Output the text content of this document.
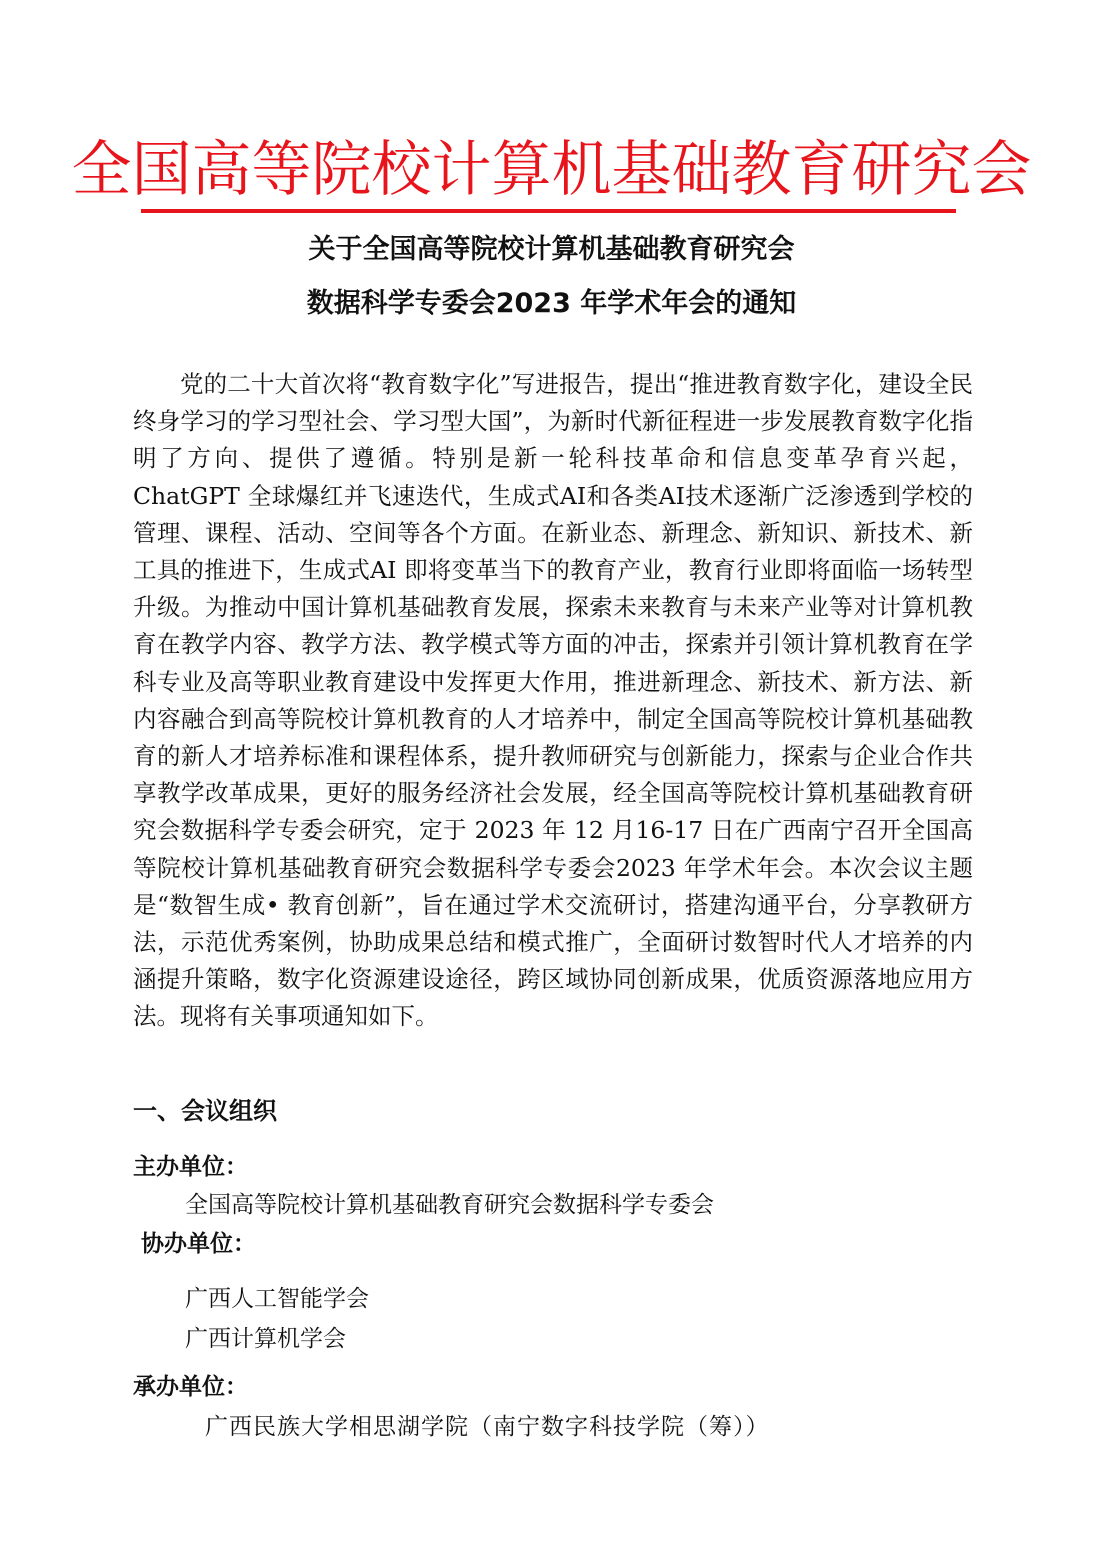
全国高等院校计算机基础教育研究会
关于全国高等院校计算机基础教育研究会
数据科学专委会2023 年学术年会的通知
党的二十大首次将“教育数字化”写进报告，提出“推进教育数字化，建设全民终身学习的学习型社会、学习型大国”，为新时代新征程进一步发展教育数字化指明了方向、提供了遵循。特别是新一轮科技革命和信息变革孕育兴起， ChatGPT 全球爆红并飞速迭代，生成式AI和各类AI技术逐渐广泛渗透到学校的管理、课程、活动、空间等各个方面。在新业态、新理念、新知识、新技术、新工具的推进下，生成式AI 即将变革当下的教育产业，教育行业即将面临一场转型升级。为推动中国计算机基础教育发展，探索未来教育与未来产业等对计算机教育在教学内容、教学方法、教学模式等方面的冲击，探索并引领计算机教育在学科专业及高等职业教育建设中发挥更大作用，推进新理念、新技术、新方法、新内容融合到高等院校计算机教育的人才培养中，制定全国高等院校计算机基础教育的新人才培养标准和课程体系，提升教师研究与创新能力，探索与企业合作共享教学改革成果，更好的服务经济社会发展，经全国高等院校计算机基础教育研究会数据科学专委会研究，定于 2023 年 12 月16-17 日在广西南宁召开全国高等院校计算机基础教育研究会数据科学专委会2023 年学术年会。本次会议主题是“数智生成• 教育创新”，旨在通过学术交流研讨，搭建沟通平台，分享教研方法，示范优秀案例，协助成果总结和模式推广，全面研讨数智时代人才培养的内涵提升策略，数字化资源建设途径，跨区域协同创新成果，优质资源落地应用方法。现将有关事项通知如下。
一、会议组织
主办单位：
全国高等院校计算机基础教育研究会数据科学专委会
协办单位：
广西人工智能学会
广西计算机学会
承办单位：
广西民族大学相思湖学院（南宁数字科技学院（筹））
